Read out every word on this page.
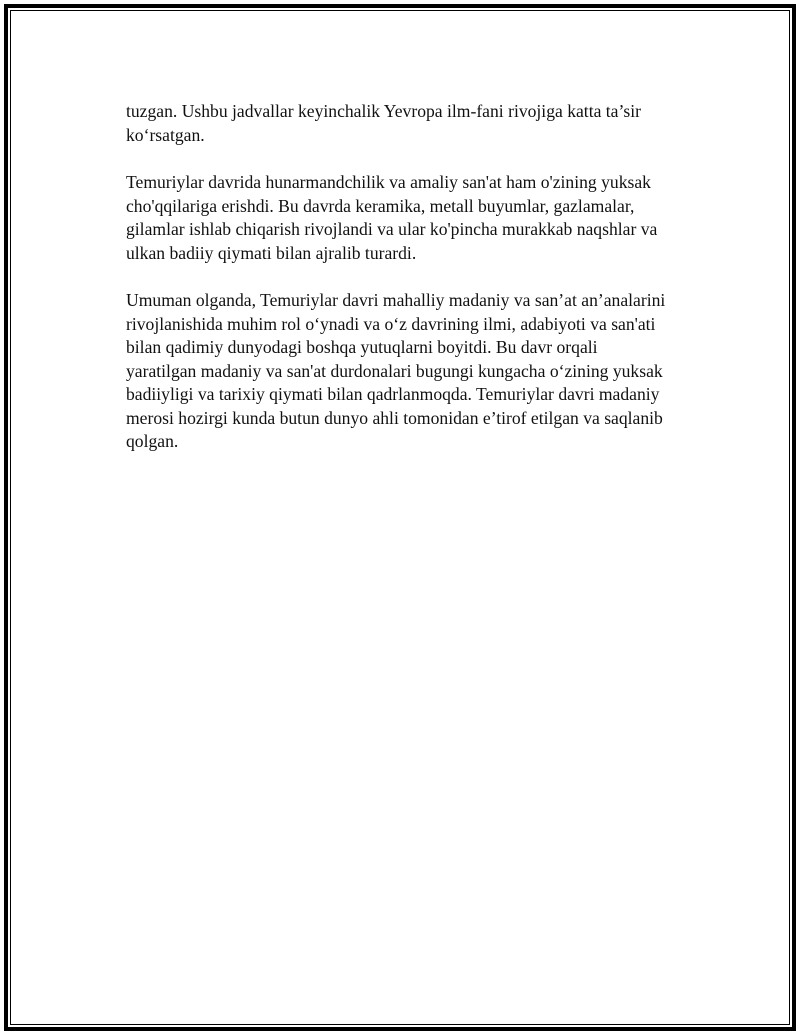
tuzgan. Ushbu jadvallar keyinchalik Yevropa ilm-fani rivojiga katta ta’sir
ko‘rsatgan.

Temuriylar davrida hunarmandchilik va amaliy san'at ham o'zining yuksak
cho'qqilariga erishdi. Bu davrda keramika, metall buyumlar, gazlamalar,
gilamlar ishlab chiqarish rivojlandi va ular ko'pincha murakkab naqshlar va
ulkan badiiy qiymati bilan ajralib turardi.

Umuman olganda, Temuriylar davri mahalliy madaniy va san’at an’analarini
rivojlanishida muhim rol o‘ynadi va o‘z davrining ilmi, adabiyoti va san'ati
bilan qadimiy dunyodagi boshqa yutuqlarni boyitdi. Bu davr orqali
yaratilgan madaniy va san'at durdonalari bugungi kungacha o‘zining yuksak
badiiyligi va tarixiy qiymati bilan qadrlanmoqda. Temuriylar davri madaniy
merosi hozirgi kunda butun dunyo ahli tomonidan e’tirof etilgan va saqlanib
qolgan.
